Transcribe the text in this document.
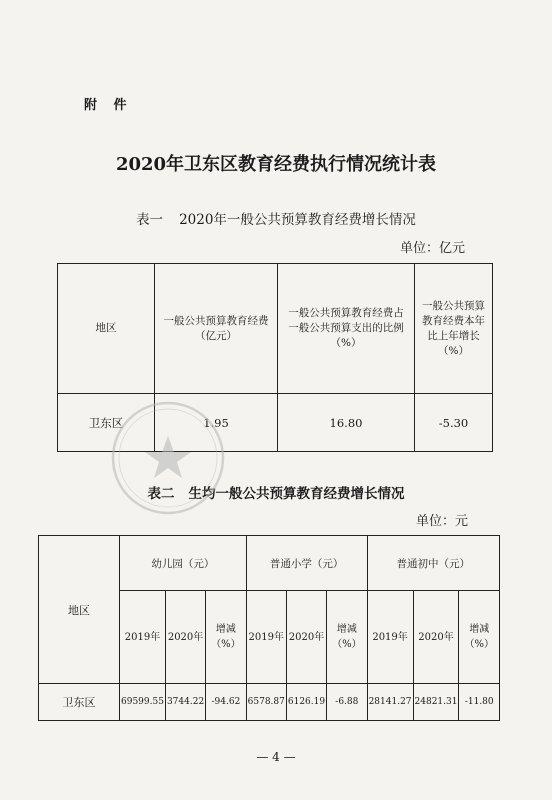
附 件
2020年卫东区教育经费执行情况统计表
表一 2020年一般公共预算教育经费增长情况
单位：亿元
地区	一般公共预算教育经费（亿元）	一般公共预算教育经费占一般公共预算支出的比例（%）	一般公共预算教育经费本年比上年增长（%）
卫东区	1.95	16.80	-5.30
表二 生均一般公共预算教育经费增长情况
单位：元
地区	幼儿园（元）			普通小学（元）			普通初中（元）		
	2019年	2020年	增减（%）	2019年	2020年	增减（%）	2019年	2020年	增减（%）
卫东区	69599.55	3744.22	-94.62	6578.87	6126.19	-6.88	28141.27	24821.31	-11.80
— 4 —
